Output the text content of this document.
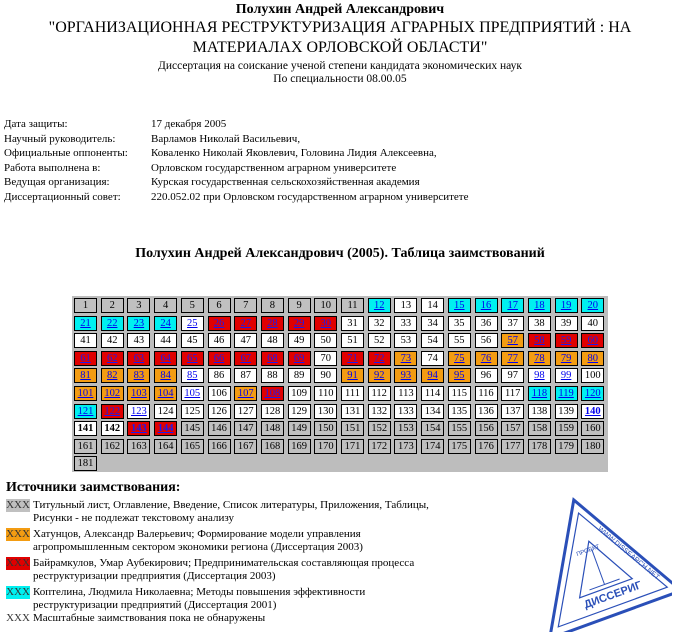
Полухин Андрей Александрович
"ОРГАНИЗАЦИОННАЯ РЕСТРУКТУРИЗАЦИЯ АГРАРНЫХ ПРЕДПРИЯТИЙ : НА
МАТЕРИАЛАХ ОРЛОВСКОЙ ОБЛАСТИ"
Диссертация на соискание ученой степени кандидата экономических наук
По специальности 08.00.05
Дата защиты:	17 декабря 2005
Научный руководитель:	Варламов Николай Васильевич,
Официальные оппоненты:	Коваленко Николай Яковлевич, Головина Лидия Алексеевна,
Работа выполнена в:	Орловском государственном аграрном университете
Ведущая организация:	Курская государственная сельскохозяйственная академия
Диссертационный совет:	220.052.02 при Орловском государственном аграрном университете
Полухин Андрей Александрович (2005). Таблица заимствований
1	2	3	4	5	6	7	8	9	10	11	12	13	14	15	16	17	18	19	20
21	22	23	24	25	26	27	28	29	30	31	32	33	34	35	36	37	38	39	40
41	42	43	44	45	46	47	48	49	50	51	52	53	54	55	56	57	58	59	60
61	62	63	64	65	66	67	68	69	70	71	72	73	74	75	76	77	78	79	80
81	82	83	84	85	86	87	88	89	90	91	92	93	94	95	96	97	98	99	100
101	102	103	104	105	106	107	108	109	110	111	112	113	114	115	116	117	118	119	120
121	122	123	124	125	126	127	128	129	130	131	132	133	134	135	136	137	138	139	140
141	142	143	144	145	146	147	148	149	150	151	152	153	154	155	156	157	158	159	160
161	162	163	164	165	166	167	168	169	170	171	172	173	174	175	176	177	178	179	180
181
Источники заимствования:
XXX Титульный лист, Оглавление, Введение, Список литературы, Приложения, Таблицы,
Рисунки - не подлежат текстовому анализу
XXX Хатунцов, Александр Валерьевич; Формирование модели управления
агропромышленным сектором экономики региона (Диссертация 2003)
XXX Байрамкулов, Умар Аубекирович; Предпринимательская составляющая процесса
реструктуризации предприятия (Диссертация 2003)
XXX Коптелина, Людмила Николаевна; Методы повышения эффективности
реструктуризации предприятий (Диссертация 2001)
XXX Масштабные заимствования пока не обнаружены
ДИССЕРИГ
ПРОЕКТ
WWW.DISSEARCH.NET
